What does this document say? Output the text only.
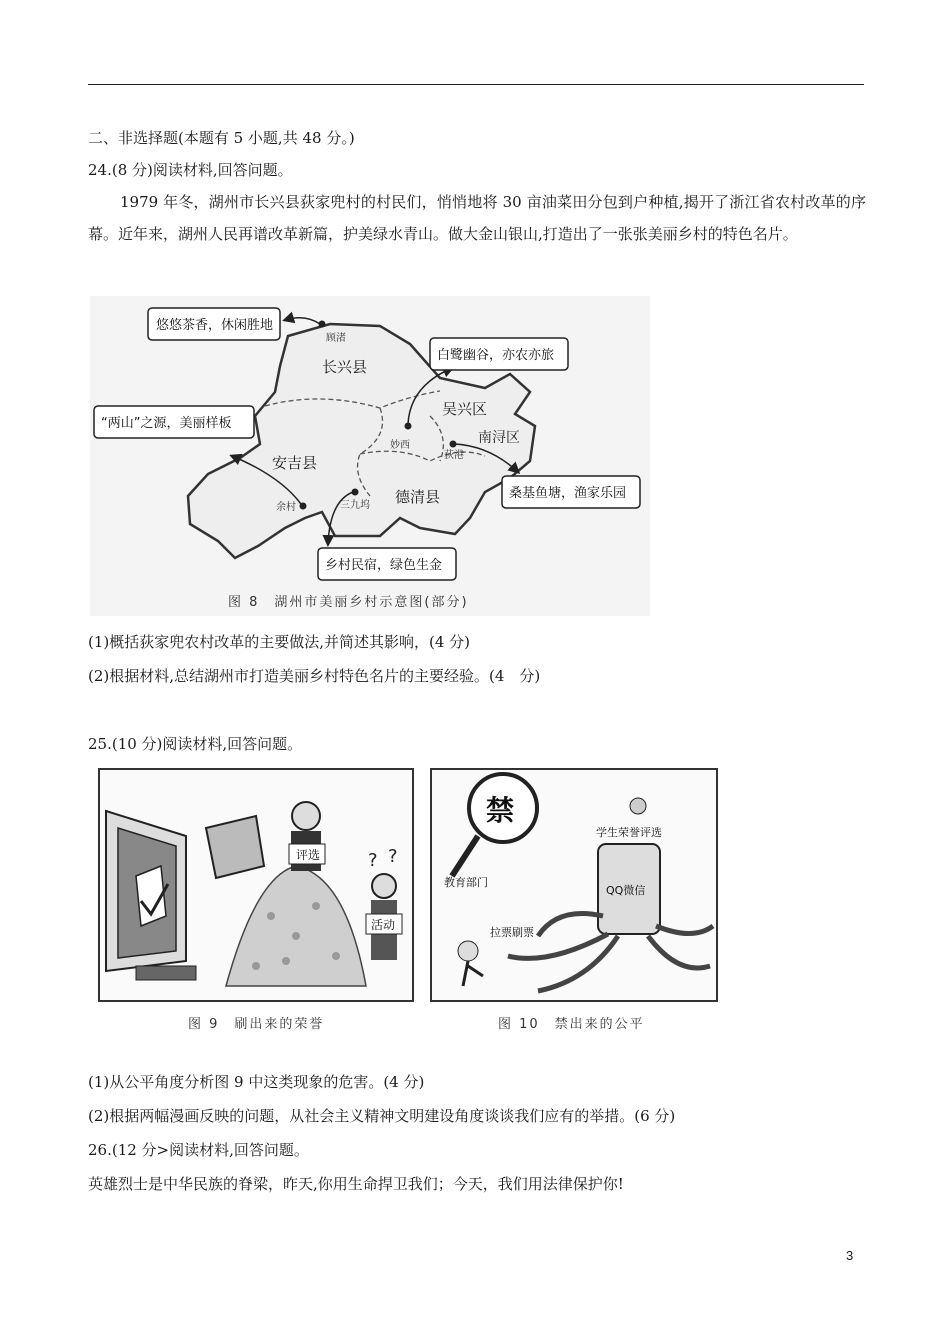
二、非选择题(本题有 5 小题,共 48 分。)
24.(8 分)阅读材料,回答问题。
1979 年冬，湖州市长兴县荻家兜村的村民们，悄悄地将 30 亩油菜田分包到户种植,揭开了浙江省农村改革的序幕。近年来，湖州人民再谱改革新篇，护美绿水青山。做大金山银山,打造出了一张张美丽乡村的特色名片。
长兴县
吴兴区
南浔区
安吉县
德清县
顾渚
妙西
荻港
余村	三九坞
悠悠茶香，休闲胜地
白鹭幽谷，亦农亦旅
“两山”之源，美丽样板
桑基鱼塘，渔家乐园
乡村民宿，绿色生金
图 8　湖州市美丽乡村示意图(部分)
(1)概括荻家兜农村改革的主要做法,并简述其影响，(4 分)
(2)根据材料,总结湖州市打造美丽乡村特色名片的主要经验。(4　分)
25.(10 分)阅读材料,回答问题。
评选
活动
? ?
图 9　刷出来的荣誉
禁
学生荣誉评选
QQ微信
教育部门
拉票刷票
图 10　禁出来的公平
(1)从公平角度分析图 9 中这类现象的危害。(4 分)
(2)根据两幅漫画反映的问题，从社会主义精神文明建设角度谈谈我们应有的举措。(6 分)
26.(12 分>阅读材料,回答问题。
英雄烈士是中华民族的脊梁，昨天,你用生命捍卫我们；今天，我们用法律保护你!
3
